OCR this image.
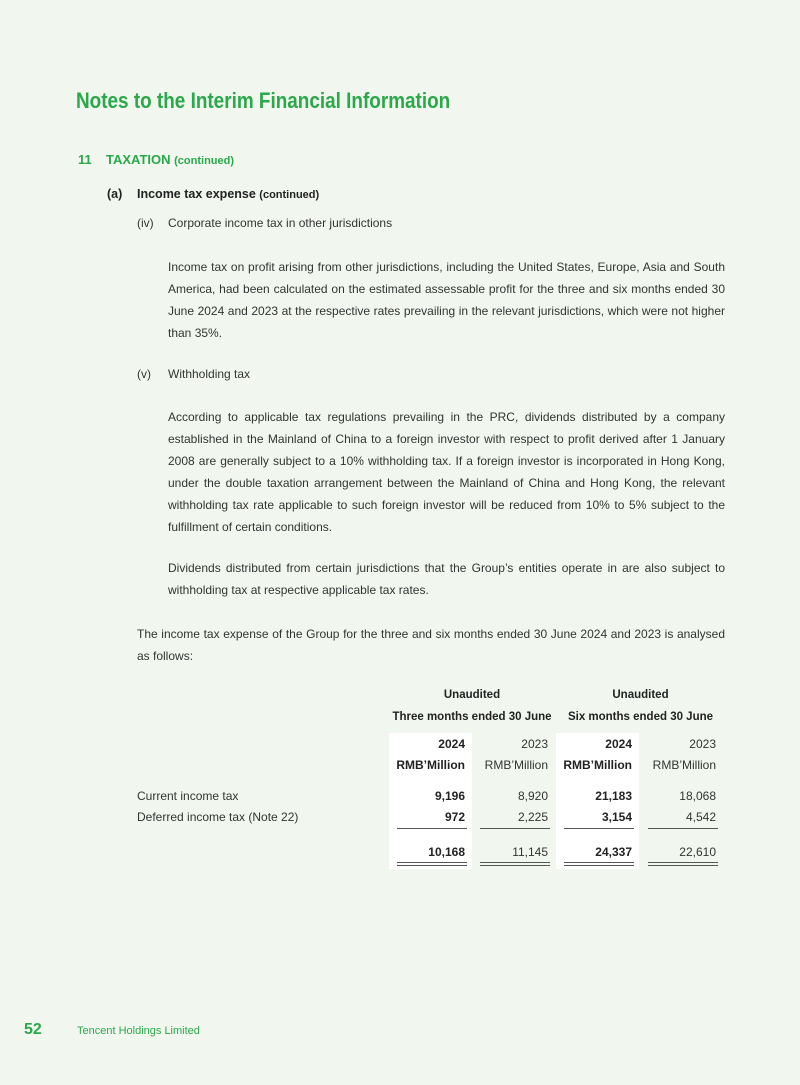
Notes to the Interim Financial Information
11 TAXATION (continued)
(a) Income tax expense (continued)
(iv) Corporate income tax in other jurisdictions
Income tax on profit arising from other jurisdictions, including the United States, Europe, Asia and South America, had been calculated on the estimated assessable profit for the three and six months ended 30 June 2024 and 2023 at the respective rates prevailing in the relevant jurisdictions, which were not higher than 35%.
(v) Withholding tax
According to applicable tax regulations prevailing in the PRC, dividends distributed by a company established in the Mainland of China to a foreign investor with respect to profit derived after 1 January 2008 are generally subject to a 10% withholding tax. If a foreign investor is incorporated in Hong Kong, under the double taxation arrangement between the Mainland of China and Hong Kong, the relevant withholding tax rate applicable to such foreign investor will be reduced from 10% to 5% subject to the fulfillment of certain conditions.
Dividends distributed from certain jurisdictions that the Group’s entities operate in are also subject to withholding tax at respective applicable tax rates.
The income tax expense of the Group for the three and six months ended 30 June 2024 and 2023 is analysed as follows:
Unaudited
Three months ended 30 June
Unaudited
Six months ended 30 June
2024	2023	2024	2023
RMB’Million	RMB’Million	RMB’Million	RMB’Million
Current income tax	9,196	8,920	21,183	18,068
Deferred income tax (Note 22)	972	2,225	3,154	4,542
10,168	11,145	24,337	22,610
52	Tencent Holdings Limited
